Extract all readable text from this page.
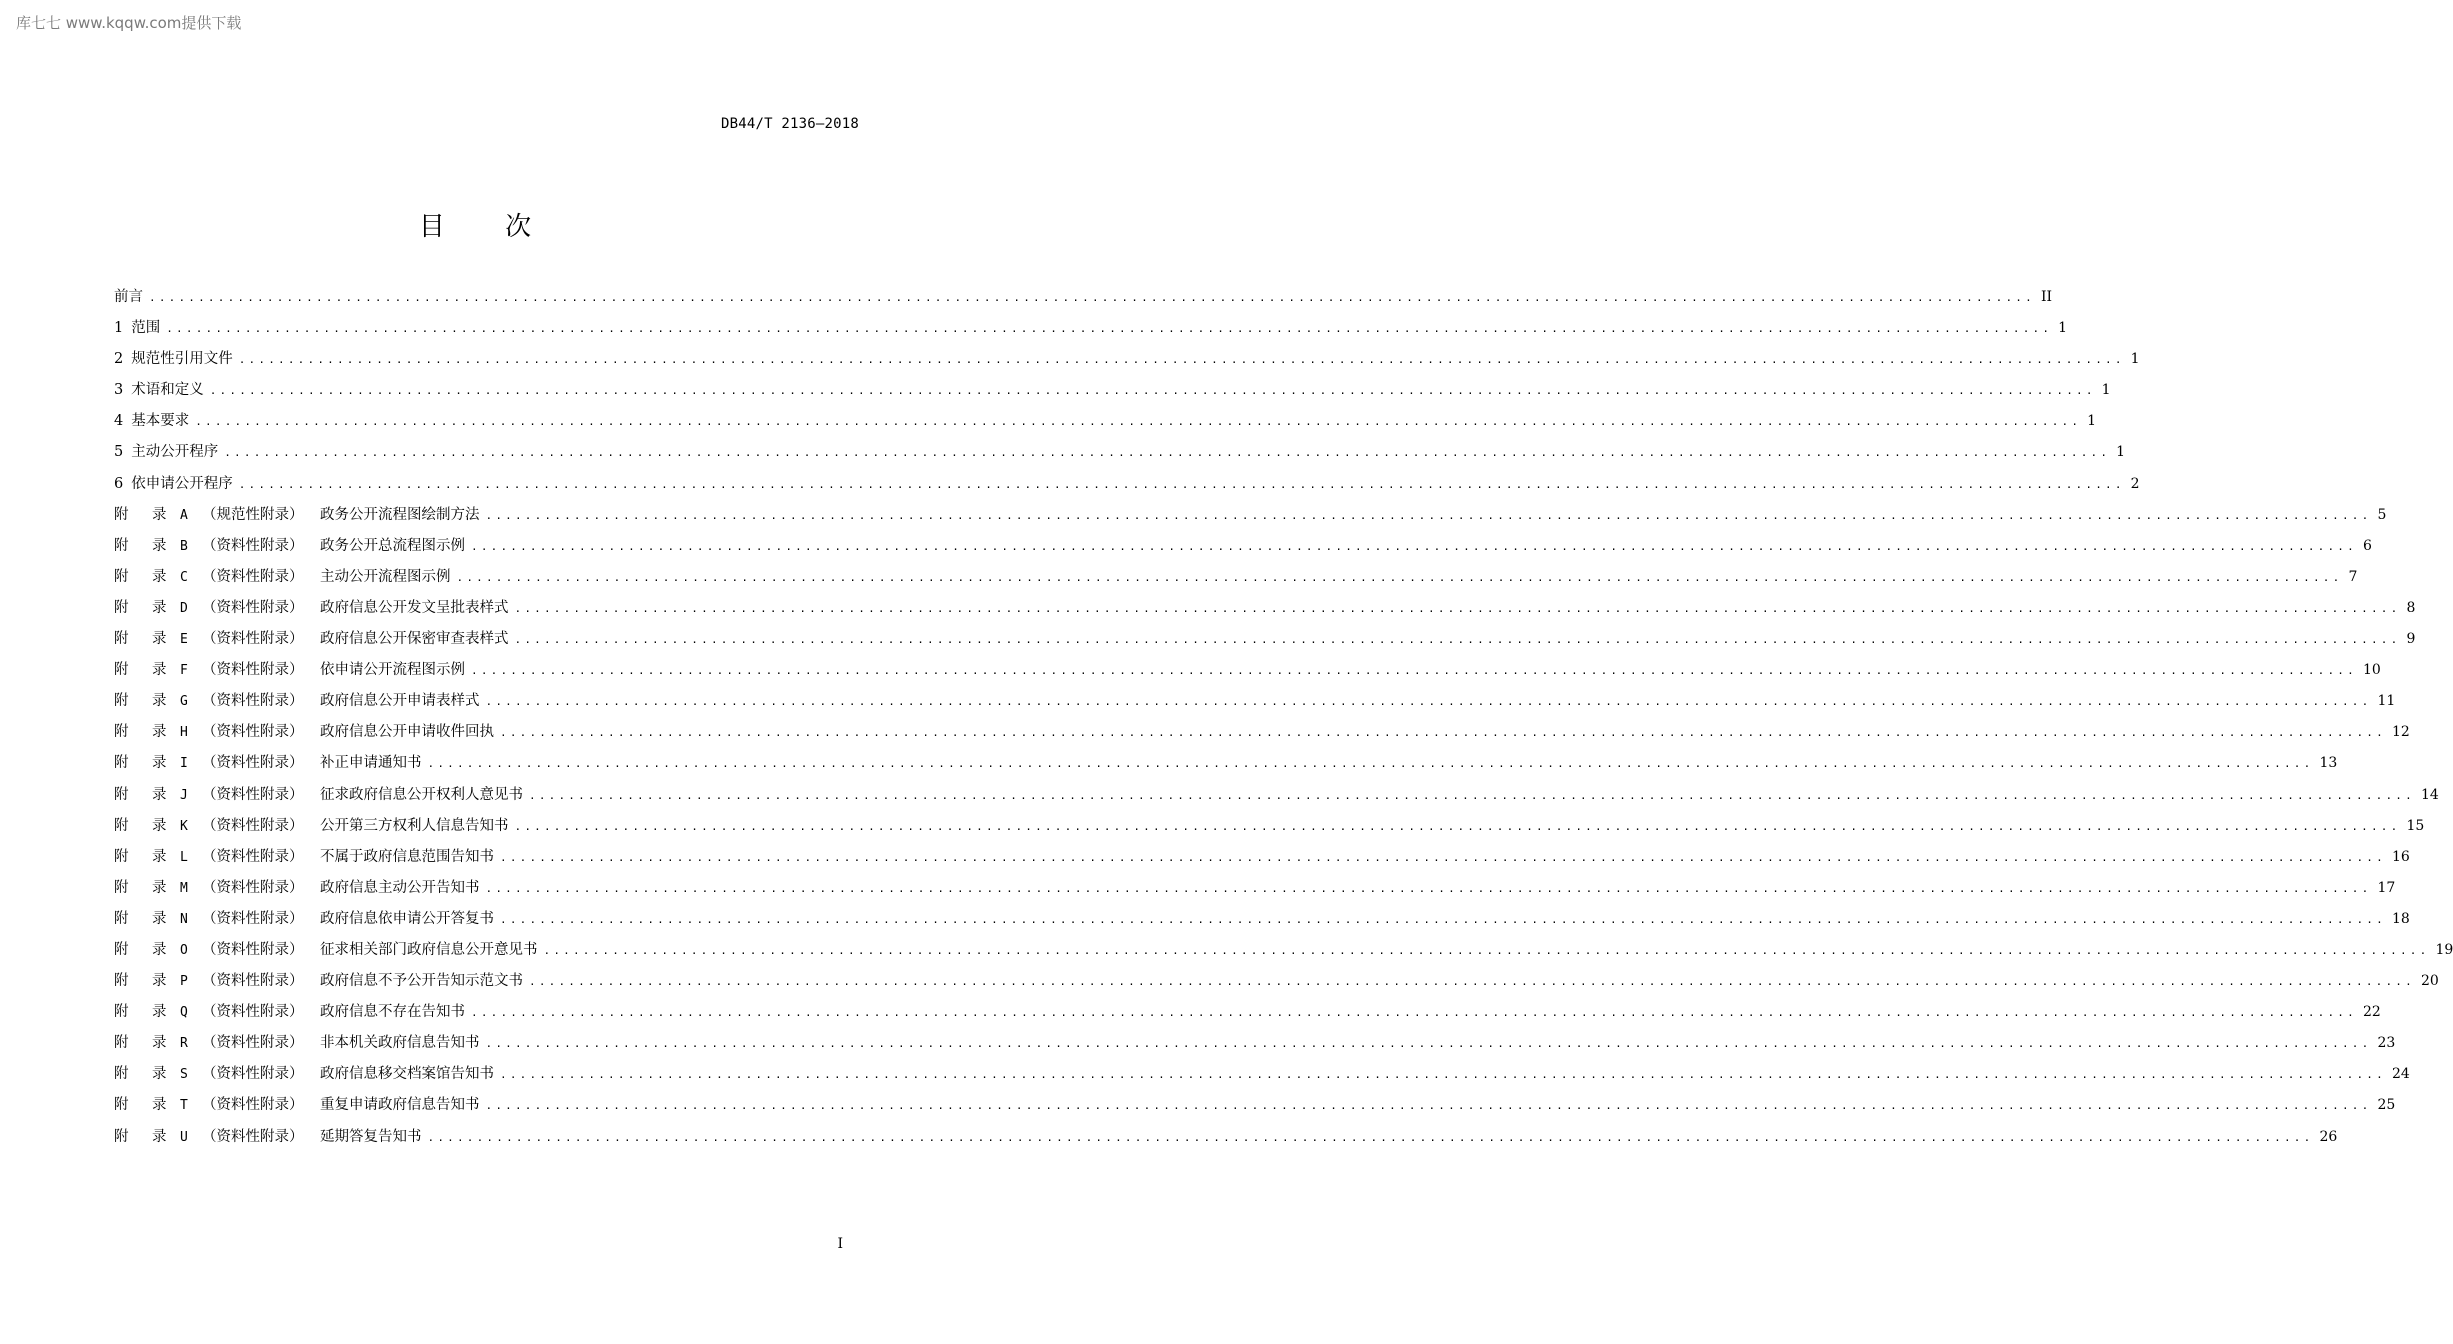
库七七 www.kqqw.com提供下载
DB44/T 2136—2018
目 次
前言 ................................................................................................................................................................................................ II
1 范围 ................................................................................................................................................................................................ 1
2 规范性引用文件 ................................................................................................................................................................................................ 1
3 术语和定义 ................................................................................................................................................................................................ 1
4 基本要求 ................................................................................................................................................................................................ 1
5 主动公开程序 ................................................................................................................................................................................................ 1
6 依申请公开程序 ................................................................................................................................................................................................ 2
附	录	A （规范性附录）	政务公开流程图绘制方法 ................................................................................................................................................................................................ 5
附	录	B （资料性附录）	政务公开总流程图示例 ................................................................................................................................................................................................ 6
附	录	C （资料性附录）	主动公开流程图示例 ................................................................................................................................................................................................ 7
附	录	D （资料性附录）	政府信息公开发文呈批表样式 ................................................................................................................................................................................................ 8
附	录	E （资料性附录）	政府信息公开保密审查表样式 ................................................................................................................................................................................................ 9
附	录	F （资料性附录）	依申请公开流程图示例 ................................................................................................................................................................................................ 10
附	录	G （资料性附录）	政府信息公开申请表样式 ................................................................................................................................................................................................ 11
附	录	H （资料性附录）	政府信息公开申请收件回执 ................................................................................................................................................................................................ 12
附	录	I （资料性附录）	补正申请通知书 ................................................................................................................................................................................................ 13
附	录	J （资料性附录）	征求政府信息公开权利人意见书 ................................................................................................................................................................................................ 14
附	录	K （资料性附录）	公开第三方权利人信息告知书 ................................................................................................................................................................................................ 15
附	录	L （资料性附录）	不属于政府信息范围告知书 ................................................................................................................................................................................................ 16
附	录	M （资料性附录）	政府信息主动公开告知书 ................................................................................................................................................................................................ 17
附	录	N （资料性附录）	政府信息依申请公开答复书 ................................................................................................................................................................................................ 18
附	录	O （资料性附录）	征求相关部门政府信息公开意见书 ................................................................................................................................................................................................ 19
附	录	P （资料性附录）	政府信息不予公开告知示范文书 ................................................................................................................................................................................................ 20
附	录	Q （资料性附录）	政府信息不存在告知书 ................................................................................................................................................................................................ 22
附	录	R （资料性附录）	非本机关政府信息告知书 ................................................................................................................................................................................................ 23
附	录	S （资料性附录）	政府信息移交档案馆告知书 ................................................................................................................................................................................................ 24
附	录	T （资料性附录）	重复申请政府信息告知书 ................................................................................................................................................................................................ 25
附	录	U （资料性附录）	延期答复告知书 ................................................................................................................................................................................................ 26
I
